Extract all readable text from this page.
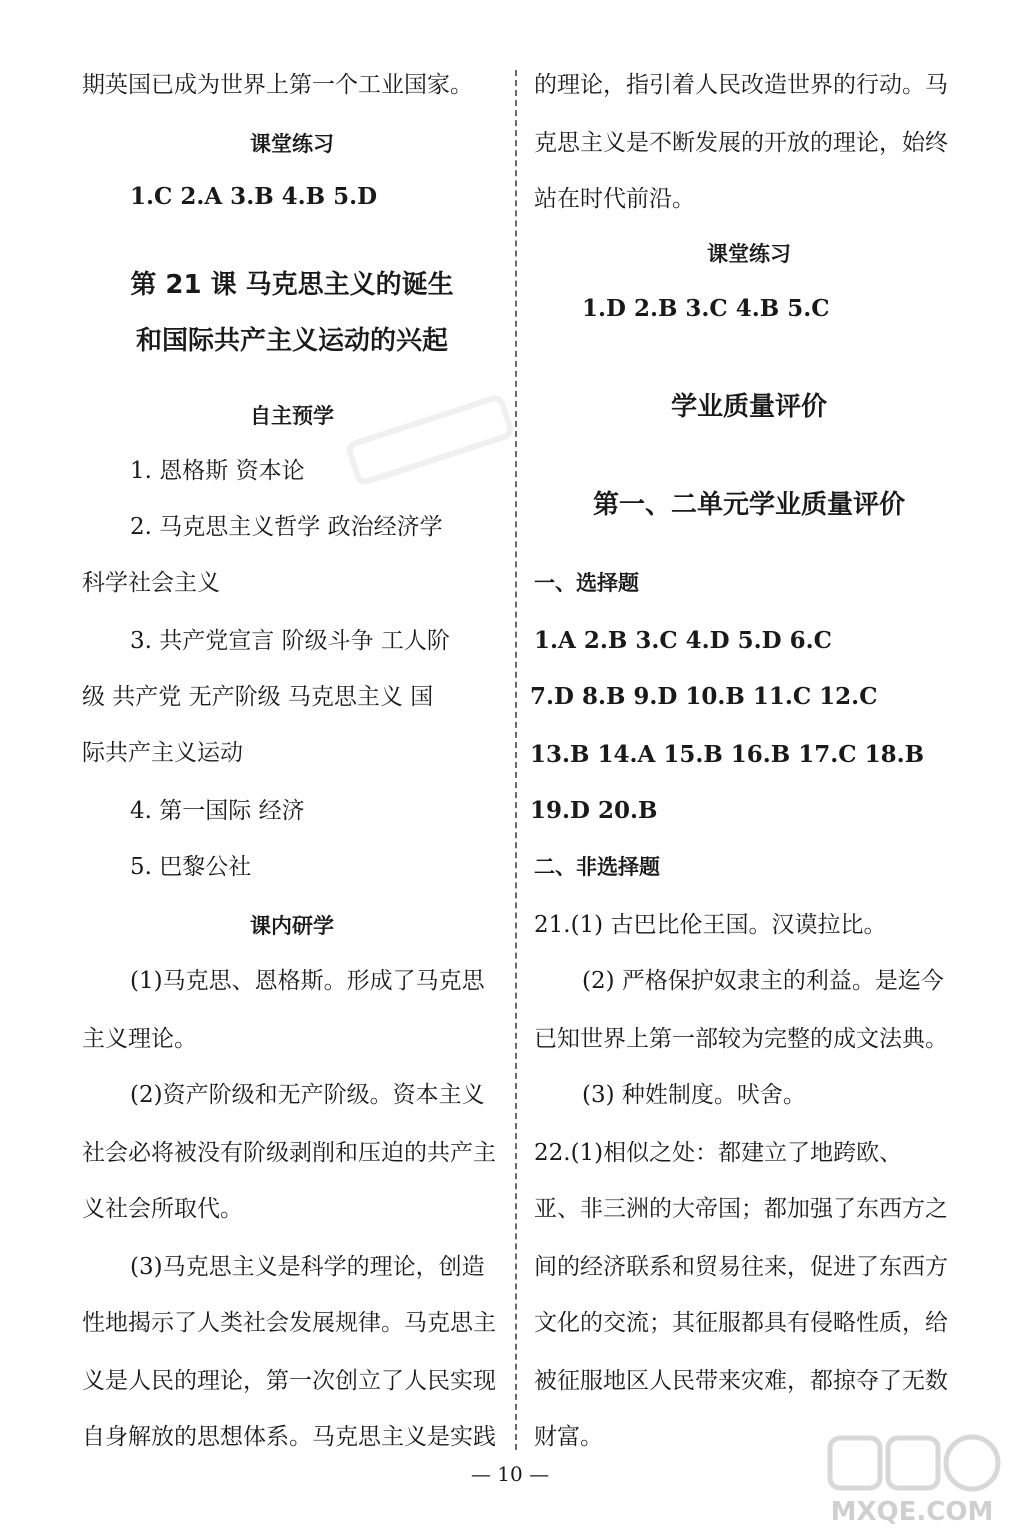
期英国已成为世界上第一个工业国家。
课堂练习
1.C 2.A 3.B 4.B 5.D
第 21 课 马克思主义的诞生
和国际共产主义运动的兴起
自主预学
1. 恩格斯 资本论
2. 马克思主义哲学 政治经济学
科学社会主义
3. 共产党宣言 阶级斗争 工人阶
级 共产党 无产阶级 马克思主义 国
际共产主义运动
4. 第一国际 经济
5. 巴黎公社
课内研学
(1)马克思、恩格斯。形成了马克思
主义理论。
(2)资产阶级和无产阶级。资本主义
社会必将被没有阶级剥削和压迫的共产主
义社会所取代。
(3)马克思主义是科学的理论，创造
性地揭示了人类社会发展规律。马克思主
义是人民的理论，第一次创立了人民实现
自身解放的思想体系。马克思主义是实践
的理论，指引着人民改造世界的行动。马
克思主义是不断发展的开放的理论，始终
站在时代前沿。
课堂练习
1.D 2.B 3.C 4.B 5.C
学业质量评价
第一、二单元学业质量评价
一、选择题
1.A 2.B 3.C 4.D 5.D 6.C
7.D 8.B 9.D 10.B 11.C 12.C
13.B 14.A 15.B 16.B 17.C 18.B
19.D 20.B
二、非选择题
21.(1) 古巴比伦王国。汉谟拉比。
(2) 严格保护奴隶主的利益。是迄今
已知世界上第一部较为完整的成文法典。
(3) 种姓制度。吠舍。
22.(1)相似之处：都建立了地跨欧、
亚、非三洲的大帝国；都加强了东西方之
间的经济联系和贸易往来，促进了东西方
文化的交流；其征服都具有侵略性质，给
被征服地区人民带来灾难，都掠夺了无数
财富。
— 10 —
MXQE.COM
